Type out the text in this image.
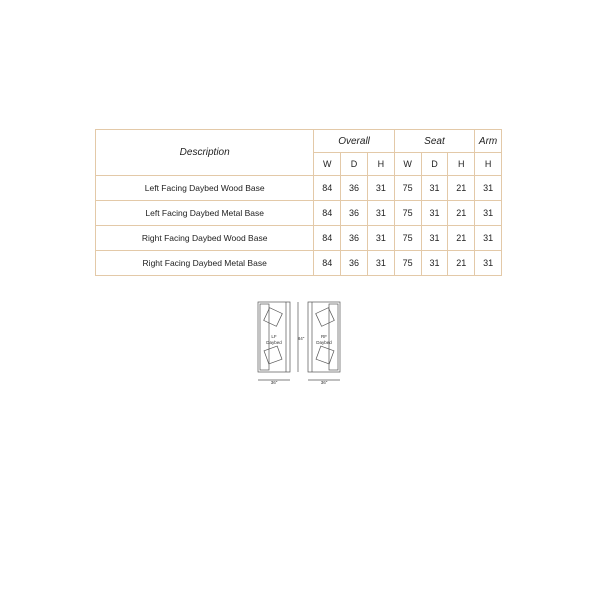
Description	Overall			Seat			Arm
	W	D	H	W	D	H	H
Left Facing Daybed Wood Base	84	36	31	75	31	21	31
Left Facing Daybed Metal Base	84	36	31	75	31	21	31
Right Facing Daybed Wood Base	84	36	31	75	31	21	31
Right Facing Daybed Metal Base	84	36	31	75	31	21	31
LF
Daybed
RF
Daybed
84"
36"	36"
